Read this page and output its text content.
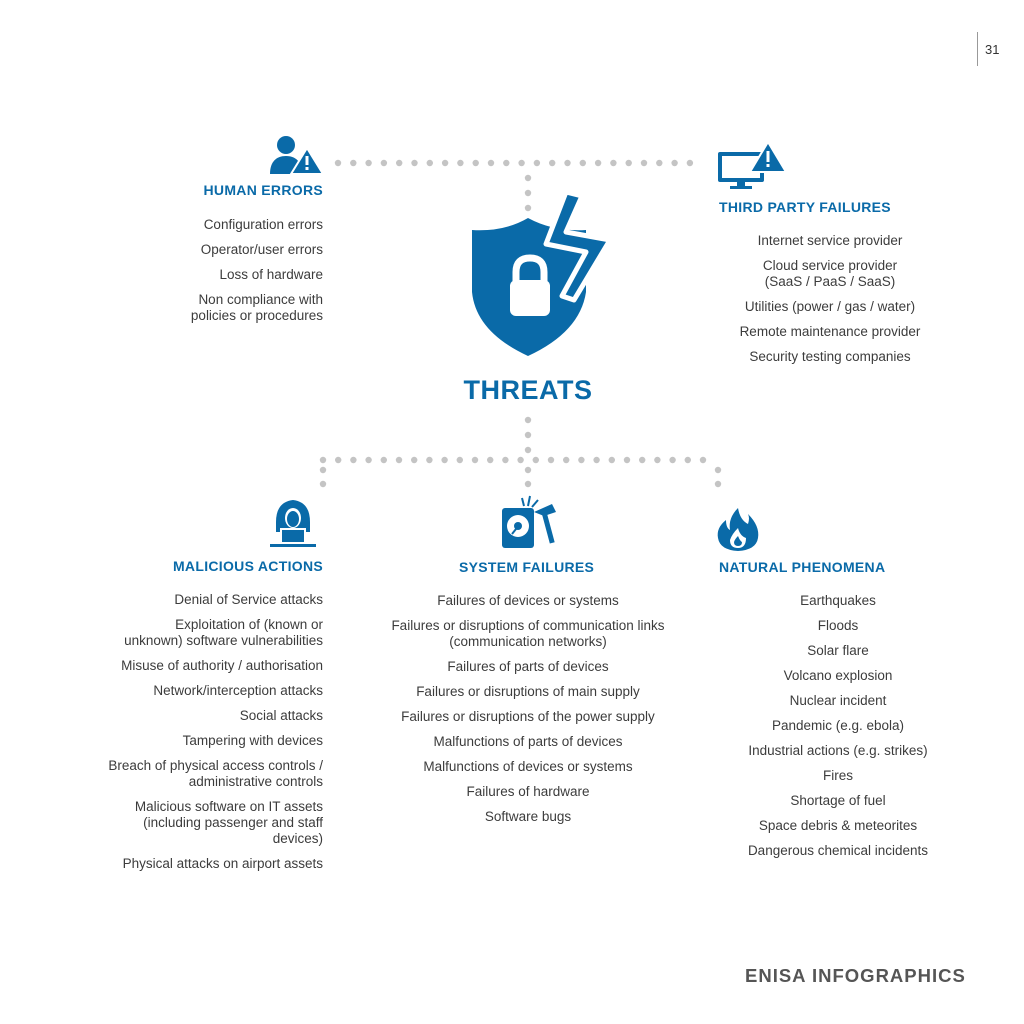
31
HUMAN ERRORS
Configuration errors
Operator/user errors
Loss of hardware
Non compliance with
policies or procedures
THIRD PARTY FAILURES
Internet service provider
Cloud service provider
(SaaS / PaaS / SaaS)
Utilities (power / gas / water)
Remote maintenance provider
Security testing companies
THREATS
MALICIOUS ACTIONS
Denial of Service attacks
Exploitation of (known or
unknown) software vulnerabilities
Misuse of authority / authorisation
Network/interception attacks
Social attacks
Tampering with devices
Breach of physical access controls /
administrative controls
Malicious software on IT assets
(including passenger and staff
devices)
Physical attacks on airport assets
SYSTEM FAILURES
Failures of devices or systems
Failures or disruptions of communication links
(communication networks)
Failures of parts of devices
Failures or disruptions of main supply
Failures or disruptions of the power supply
Malfunctions of parts of devices
Malfunctions of devices or systems
Failures of hardware
Software bugs
NATURAL PHENOMENA
Earthquakes
Floods
Solar flare
Volcano explosion
Nuclear incident
Pandemic (e.g. ebola)
Industrial actions (e.g. strikes)
Fires
Shortage of fuel
Space debris & meteorites
Dangerous chemical incidents
ENISA INFOGRAPHICS
